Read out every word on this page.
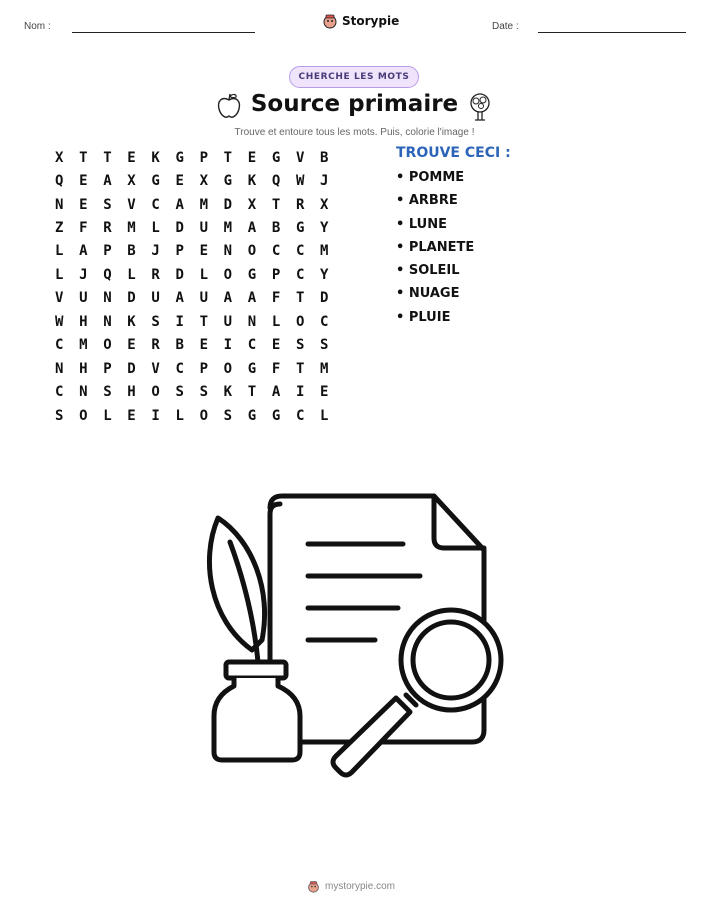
Nom :	Storypie	Date :
CHERCHE LES MOTS
Source primaire
Trouve et entoure tous les mots. Puis, colorie l'image !
X	T	T	E	K	G	P	T	E	G	V	B
Q	E	A	X	G	E	X	G	K	Q	W	J
N	E	S	V	C	A	M	D	X	T	R	X
Z	F	R	M	L	D	U	M	A	B	G	Y
L	A	P	B	J	P	E	N	O	C	C	M
L	J	Q	L	R	D	L	O	G	P	C	Y
V	U	N	D	U	A	U	A	A	F	T	D
W	H	N	K	S	I	T	U	N	L	O	C
C	M	O	E	R	B	E	I	C	E	S	S
N	H	P	D	V	C	P	O	G	F	T	M
C	N	S	H	O	S	S	K	T	A	I	E
S	O	L	E	I	L	O	S	G	G	C	L
TROUVE CECI :
• POMME
• ARBRE
• LUNE
• PLANETE
• SOLEIL
• NUAGE
• PLUIE
mystorypie.com
